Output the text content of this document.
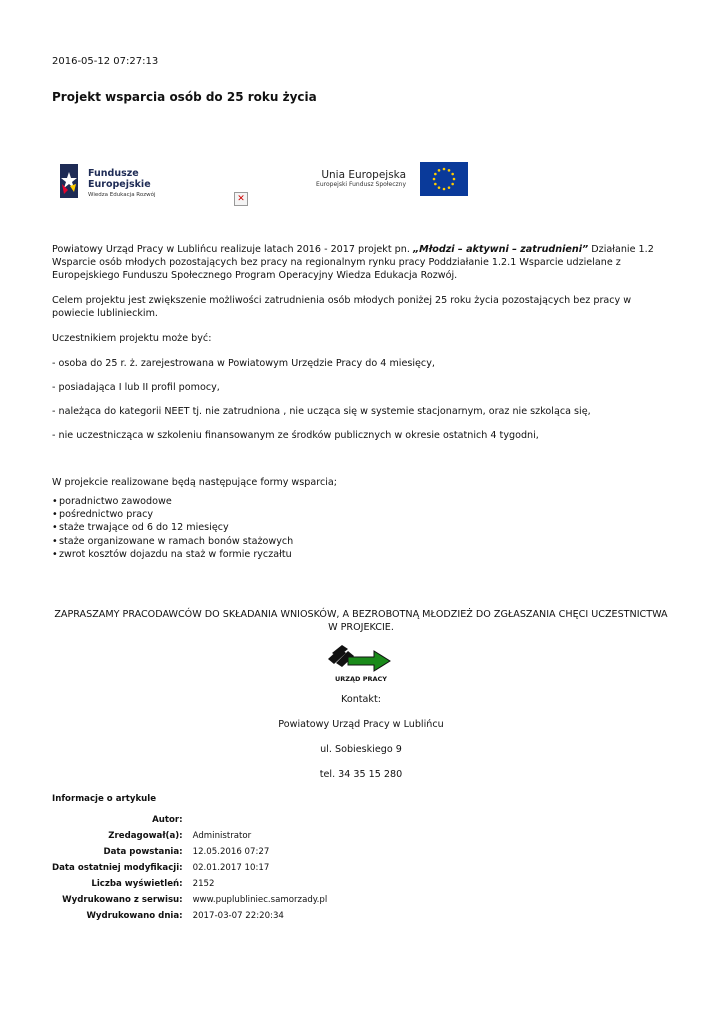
2016-05-12 07:27:13
Projekt wsparcia osób do 25 roku życia
Fundusze
Europejskie
Wiedza Edukacja Rozwój	✕
Unia Europejska
Europejski Fundusz Społeczny

Powiatowy Urząd Pracy w Lublińcu realizuje latach 2016 - 2017 projekt pn. „Młodzi – aktywni – zatrudnieni” Działanie 1.2 Wsparcie osób młodych pozostających bez pracy na regionalnym rynku pracy Poddziałanie 1.2.1 Wsparcie udzielane z Europejskiego Funduszu Społecznego Program Operacyjny Wiedza Edukacja Rozwój.

Celem projektu jest zwiększenie możliwości zatrudnienia osób młodych poniżej 25 roku życia pozostających bez pracy w powiecie lublinieckim.

Uczestnikiem projektu może być:

- osoba do 25 r. ż. zarejestrowana w Powiatowym Urzędzie Pracy do 4 miesięcy,
- posiadająca I lub II profil pomocy,
- należąca do kategorii NEET tj. nie zatrudniona , nie ucząca się w systemie stacjonarnym, oraz nie szkoląca się,
- nie uczestnicząca w szkoleniu finansowanym ze środków publicznych w okresie ostatnich 4 tygodni,

W projekcie realizowane będą następujące formy wsparcia;

• poradnictwo zawodowe
• pośrednictwo pracy
• staże trwające od 6 do 12 miesięcy
• staże organizowane w ramach bonów stażowych
• zwrot kosztów dojazdu na staż w formie ryczałtu

ZAPRASZAMY PRACODAWCÓW DO SKŁADANIA WNIOSKÓW, A BEZROBOTNĄ MŁODZIEŻ DO ZGŁASZANIA CHĘCI UCZESTNICTWA W PROJEKCIE.

URZĄD PRACY

Kontakt:

Powiatowy Urząd Pracy w Lublińcu

ul. Sobieskiego 9

tel. 34 35 15 280

Informacje o artykule
Autor:	
Zredagował(a):	Administrator
Data powstania:	12.05.2016 07:27
Data ostatniej modyfikacji:	02.01.2017 10:17
Liczba wyświetleń:	2152
Wydrukowano z serwisu:	www.puplubliniec.samorzady.pl
Wydrukowano dnia:	2017-03-07 22:20:34
